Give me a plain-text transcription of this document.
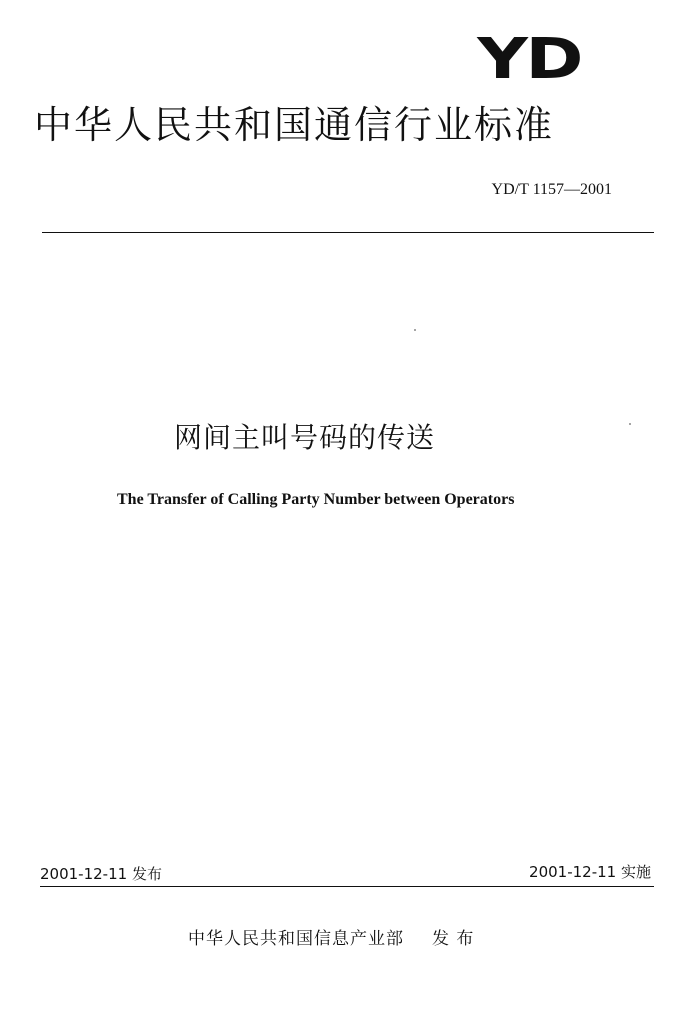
YD
中华人民共和国通信行业标准
YD/T 1157—2001
网间主叫号码的传送
The Transfer of Calling Party Number between Operators
2001-12-11 发布	2001-12-11 实施
中华人民共和国信息产业部 发 布
